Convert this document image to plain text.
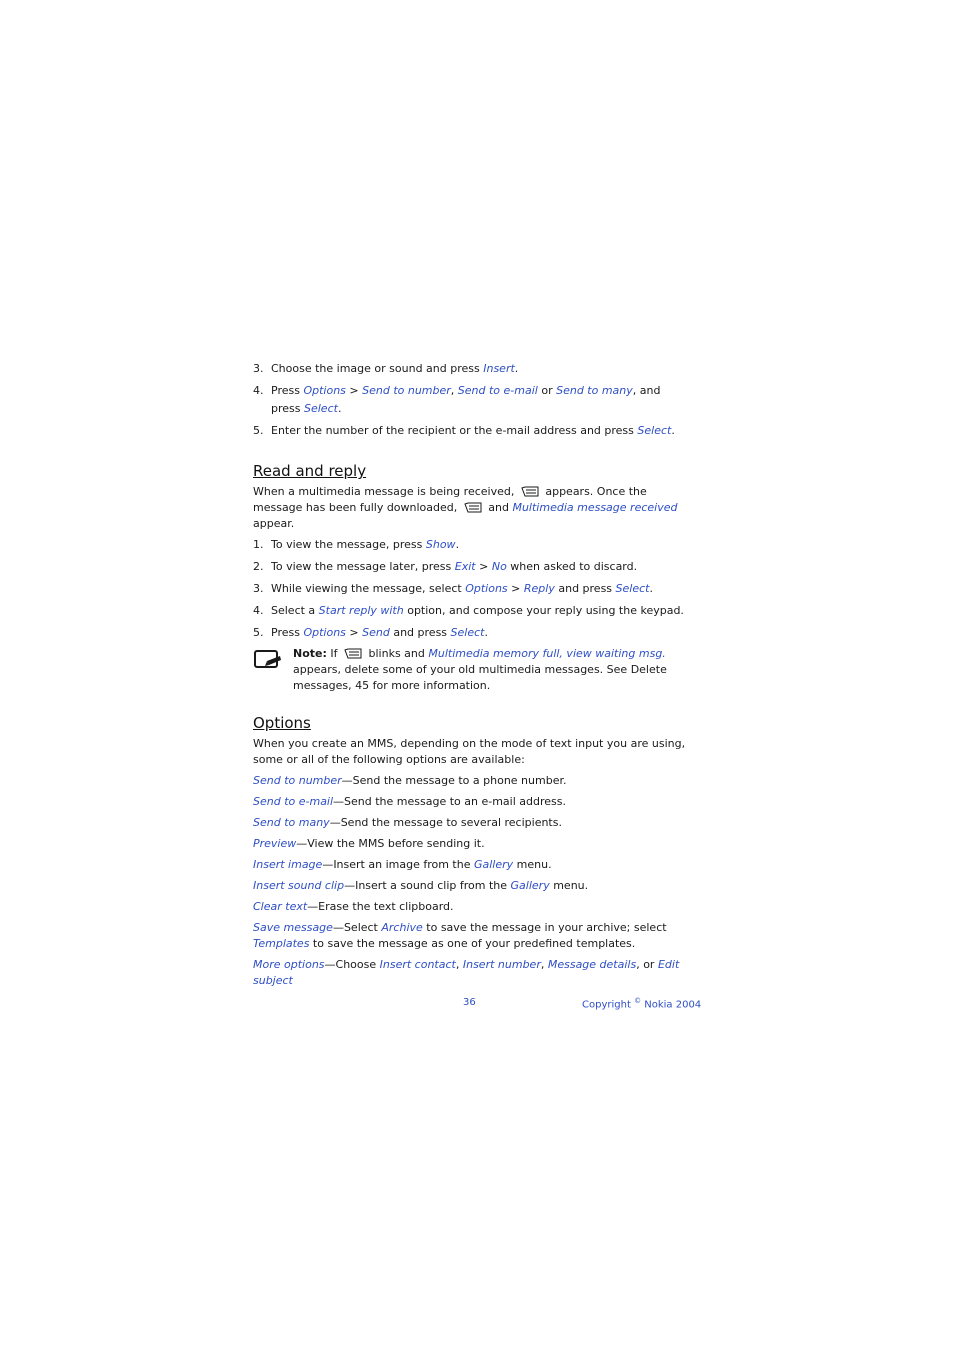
3. Choose the image or sound and press Insert.
4. Press Options > Send to number, Send to e-mail or Send to many, and press Select.
5. Enter the number of the recipient or the e-mail address and press Select.
Read and reply

When a multimedia message is being received,	appears. Once the message has been fully downloaded,	and Multimedia message received appear.

1. To view the message, press Show.
2. To view the message later, press Exit > No when asked to discard.
3. While viewing the message, select Options > Reply and press Select.
4. Select a Start reply with option, and compose your reply using the keypad.
5. Press Options > Send and press Select.
Note: If	blinks and Multimedia memory full, view waiting msg. appears, delete some of your old multimedia messages. See Delete messages, 45 for more information.
Options

When you create an MMS, depending on the mode of text input you are using, some or all of the following options are available:

Send to number—Send the message to a phone number.
Send to e-mail—Send the message to an e-mail address.
Send to many—Send the message to several recipients.
Preview—View the MMS before sending it.
Insert image—Insert an image from the Gallery menu.
Insert sound clip—Insert a sound clip from the Gallery menu.
Clear text—Erase the text clipboard.
Save message—Select Archive to save the message in your archive; select Templates to save the message as one of your predefined templates.
More options—Choose Insert contact, Insert number, Message details, or Edit subject
36	Copyright © Nokia 2004
